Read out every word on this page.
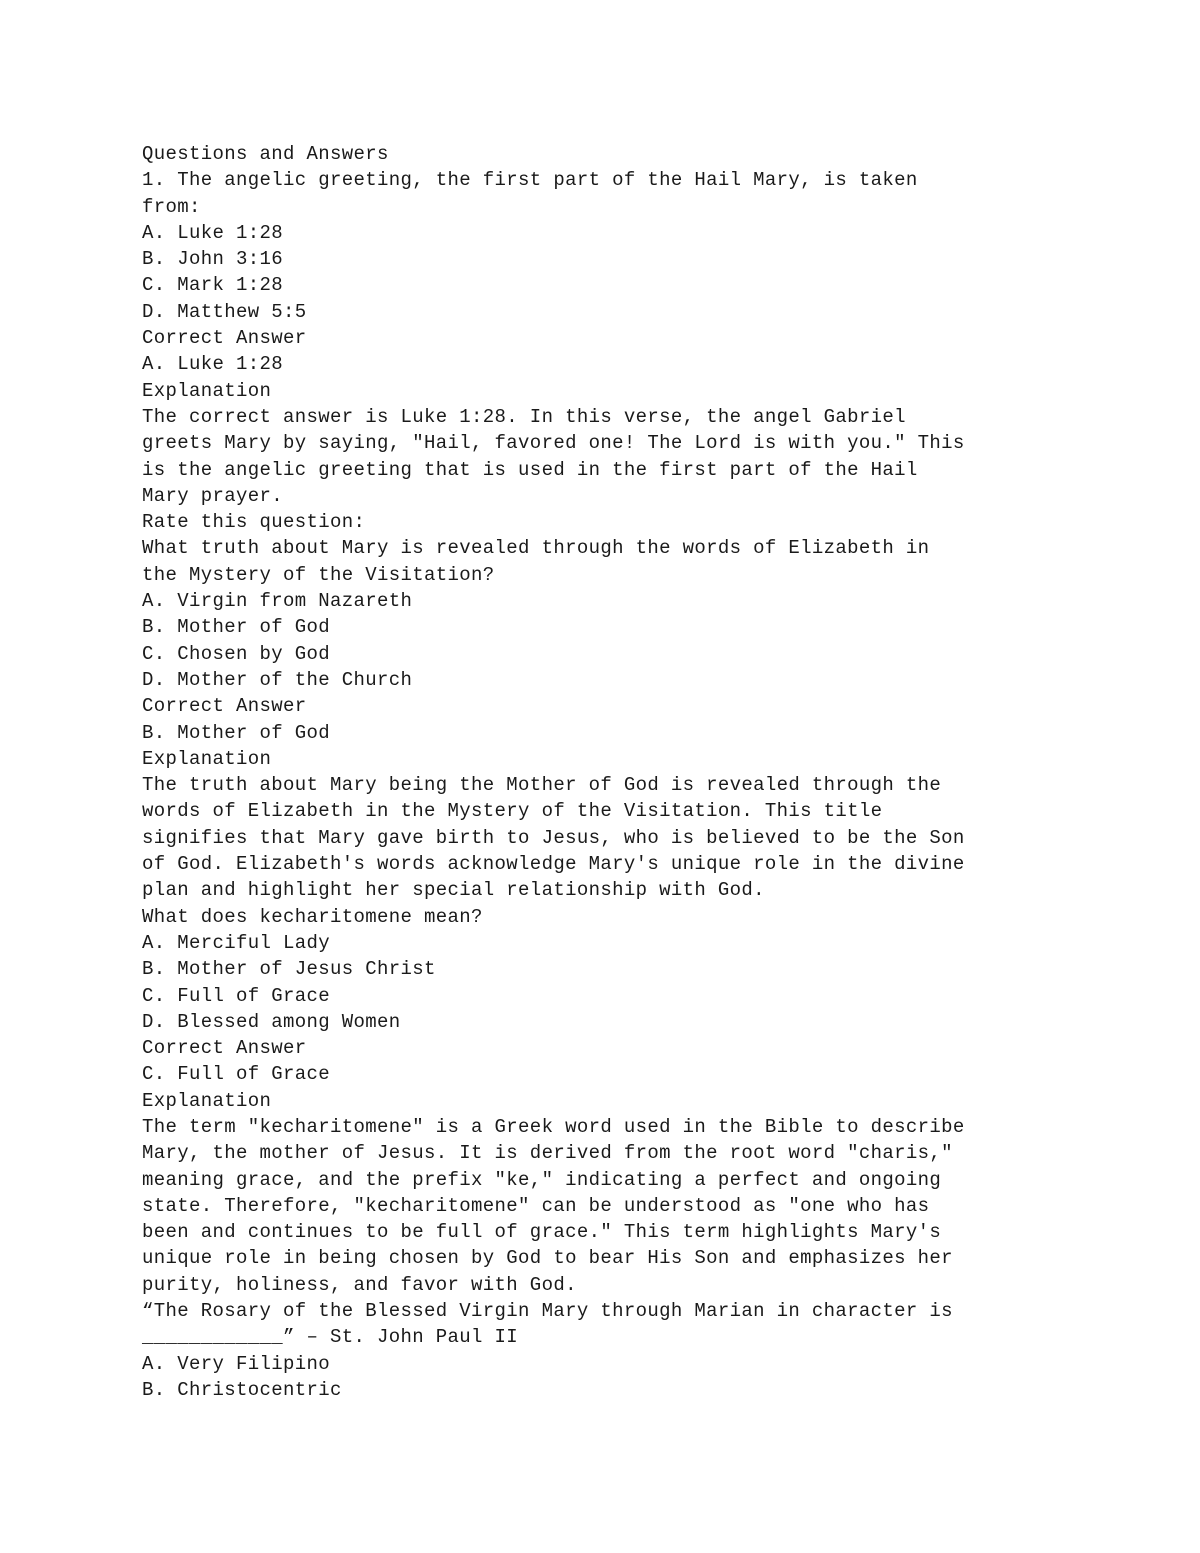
Questions and Answers
1. The angelic greeting, the first part of the Hail Mary, is taken
from:
A. Luke 1:28
B. John 3:16
C. Mark 1:28
D. Matthew 5:5
Correct Answer
A. Luke 1:28
Explanation
The correct answer is Luke 1:28. In this verse, the angel Gabriel
greets Mary by saying, "Hail, favored one! The Lord is with you." This
is the angelic greeting that is used in the first part of the Hail
Mary prayer.
Rate this question:
What truth about Mary is revealed through the words of Elizabeth in
the Mystery of the Visitation?
A. Virgin from Nazareth
B. Mother of God
C. Chosen by God
D. Mother of the Church
Correct Answer
B. Mother of God
Explanation
The truth about Mary being the Mother of God is revealed through the
words of Elizabeth in the Mystery of the Visitation. This title
signifies that Mary gave birth to Jesus, who is believed to be the Son
of God. Elizabeth's words acknowledge Mary's unique role in the divine
plan and highlight her special relationship with God.
What does kecharitomene mean?
A. Merciful Lady
B. Mother of Jesus Christ
C. Full of Grace
D. Blessed among Women
Correct Answer
C. Full of Grace
Explanation
The term "kecharitomene" is a Greek word used in the Bible to describe
Mary, the mother of Jesus. It is derived from the root word "charis,"
meaning grace, and the prefix "ke," indicating a perfect and ongoing
state. Therefore, "kecharitomene" can be understood as "one who has
been and continues to be full of grace." This term highlights Mary's
unique role in being chosen by God to bear His Son and emphasizes her
purity, holiness, and favor with God.
“The Rosary of the Blessed Virgin Mary through Marian in character is
____________” – St. John Paul II
A. Very Filipino
B. Christocentric
